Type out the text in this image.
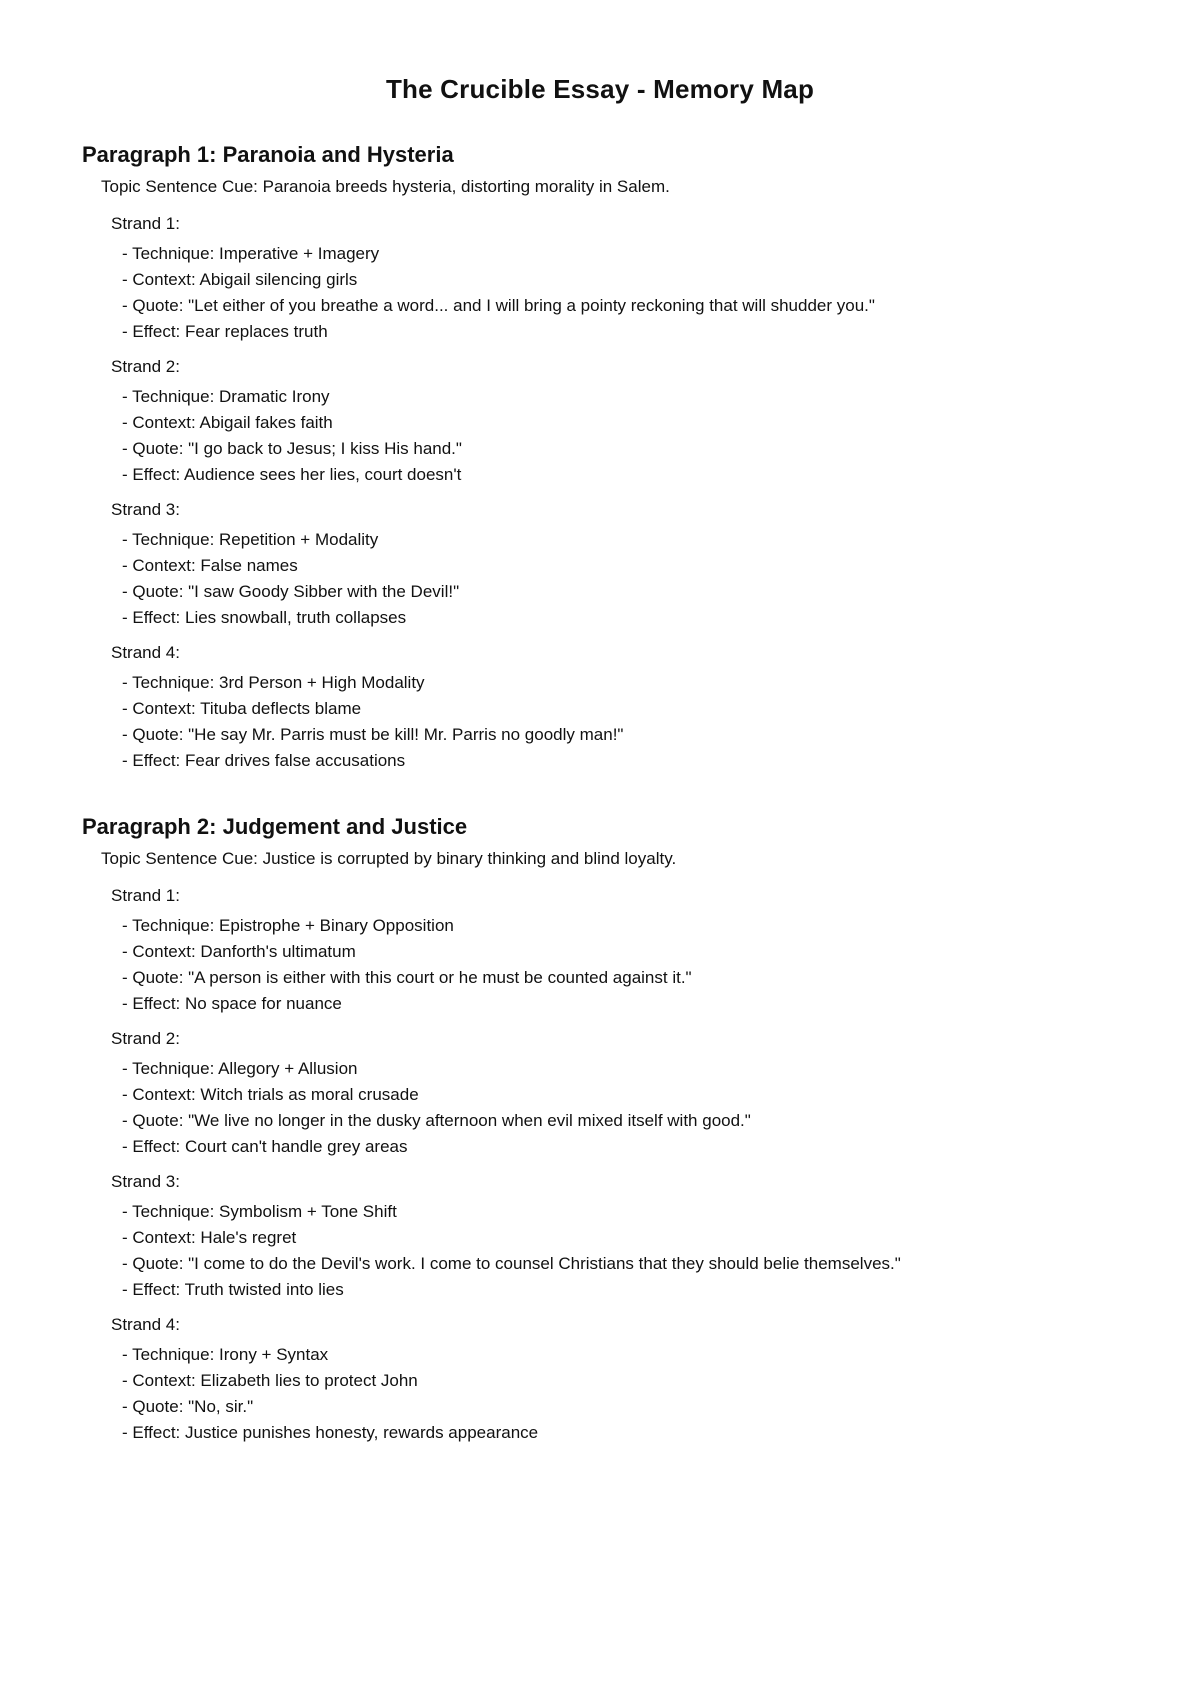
The Crucible Essay - Memory Map
Paragraph 1: Paranoia and Hysteria
Topic Sentence Cue: Paranoia breeds hysteria, distorting morality in Salem.
Strand 1:
- Technique: Imperative + Imagery
- Context: Abigail silencing girls
- Quote: "Let either of you breathe a word... and I will bring a pointy reckoning that will shudder you."
- Effect: Fear replaces truth
Strand 2:
- Technique: Dramatic Irony
- Context: Abigail fakes faith
- Quote: "I go back to Jesus; I kiss His hand."
- Effect: Audience sees her lies, court doesn't
Strand 3:
- Technique: Repetition + Modality
- Context: False names
- Quote: "I saw Goody Sibber with the Devil!"
- Effect: Lies snowball, truth collapses
Strand 4:
- Technique: 3rd Person + High Modality
- Context: Tituba deflects blame
- Quote: "He say Mr. Parris must be kill! Mr. Parris no goodly man!"
- Effect: Fear drives false accusations
Paragraph 2: Judgement and Justice
Topic Sentence Cue: Justice is corrupted by binary thinking and blind loyalty.
Strand 1:
- Technique: Epistrophe + Binary Opposition
- Context: Danforth's ultimatum
- Quote: "A person is either with this court or he must be counted against it."
- Effect: No space for nuance
Strand 2:
- Technique: Allegory + Allusion
- Context: Witch trials as moral crusade
- Quote: "We live no longer in the dusky afternoon when evil mixed itself with good."
- Effect: Court can't handle grey areas
Strand 3:
- Technique: Symbolism + Tone Shift
- Context: Hale's regret
- Quote: "I come to do the Devil's work. I come to counsel Christians that they should belie themselves."
- Effect: Truth twisted into lies
Strand 4:
- Technique: Irony + Syntax
- Context: Elizabeth lies to protect John
- Quote: "No, sir."
- Effect: Justice punishes honesty, rewards appearance
